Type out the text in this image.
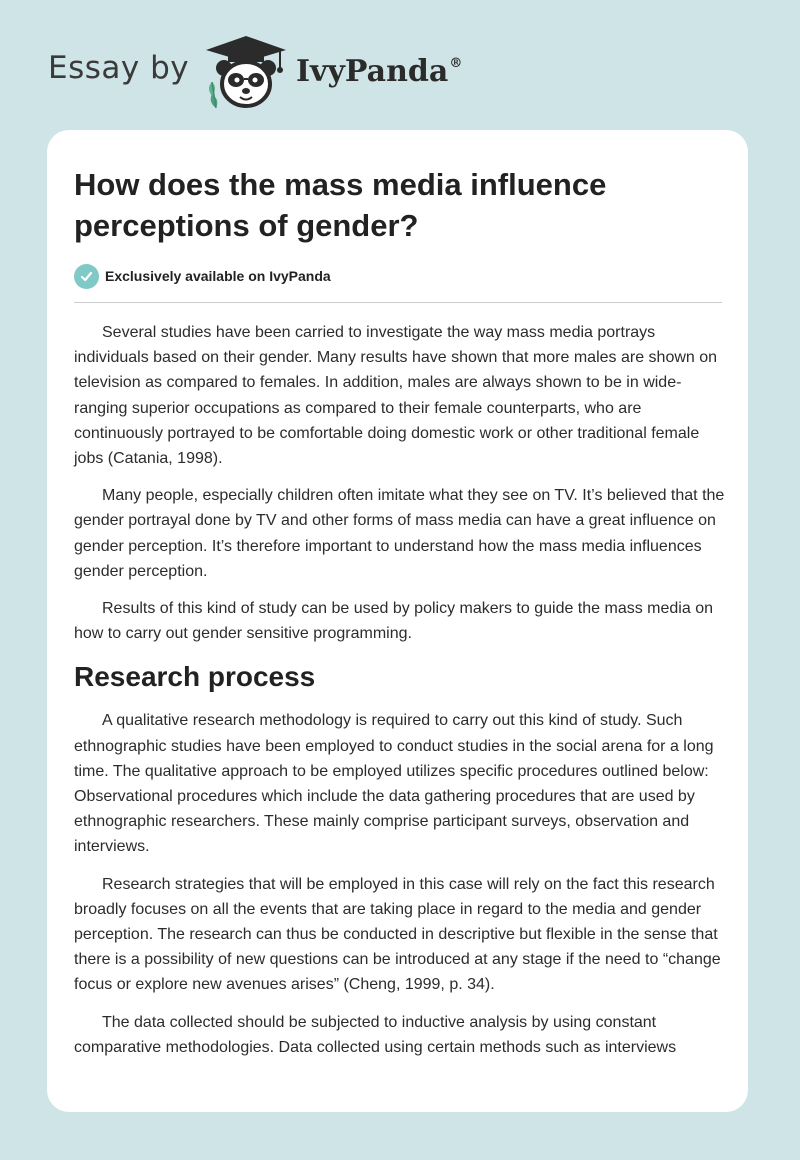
Essay by	IvyPanda®
How does the mass media influence perceptions of gender?
Exclusively available on IvyPanda

Several studies have been carried to investigate the way mass media portrays individuals based on their gender. Many results have shown that more males are shown on television as compared to females. In addition, males are always shown to be in wide-ranging superior occupations as compared to their female counterparts, who are continuously portrayed to be comfortable doing domestic work or other traditional female jobs (Catania, 1998).

Many people, especially children often imitate what they see on TV. It’s believed that the gender portrayal done by TV and other forms of mass media can have a great influence on gender perception. It’s therefore important to understand how the mass media influences gender perception.

Results of this kind of study can be used by policy makers to guide the mass media on how to carry out gender sensitive programming.

Research process

A qualitative research methodology is required to carry out this kind of study. Such ethnographic studies have been employed to conduct studies in the social arena for a long time. The qualitative approach to be employed utilizes specific procedures outlined below: Observational procedures which include the data gathering procedures that are used by ethnographic researchers. These mainly comprise participant surveys, observation and interviews.

Research strategies that will be employed in this case will rely on the fact this research broadly focuses on all the events that are taking place in regard to the media and gender perception. The research can thus be conducted in descriptive but flexible in the sense that there is a possibility of new questions can be introduced at any stage if the need to “change focus or explore new avenues arises” (Cheng, 1999, p. 34).

The data collected should be subjected to inductive analysis by using constant comparative methodologies. Data collected using certain methods such as interviews
